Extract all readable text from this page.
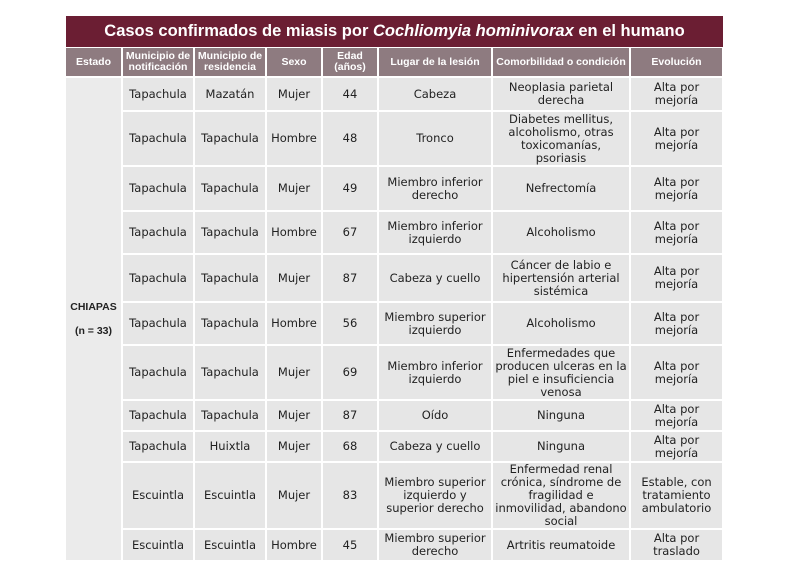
Casos confirmados de miasis por
Cochliomyia hominivorax
en el humano
Estado	Municipio de notificación	Municipio de residencia	Sexo	Edad (años)	Lugar de la lesión	Comorbilidad o condición	Evolución

CHIAPAS
(n = 33)	Tapachula	Mazatán	Mujer	44	Cabeza	Neoplasia parietal derecha	Alta por mejoría
	Tapachula	Tapachula	Hombre	48	Tronco	Diabetes mellitus, alcoholismo, otras toxicomanías, psoriasis	Alta por mejoría
	Tapachula	Tapachula	Mujer	49	Miembro inferior derecho	Nefrectomía	Alta por mejoría
	Tapachula	Tapachula	Hombre	67	Miembro inferior izquierdo	Alcoholismo	Alta por mejoría
	Tapachula	Tapachula	Mujer	87	Cabeza y cuello	Cáncer de labio e hipertensión arterial sistémica	Alta por mejoría
	Tapachula	Tapachula	Hombre	56	Miembro superior izquierdo	Alcoholismo	Alta por mejoría
	Tapachula	Tapachula	Mujer	69	Miembro inferior izquierdo	Enfermedades que producen ulceras en la piel e insuficiencia venosa	Alta por mejoría
	Tapachula	Tapachula	Mujer	87	Oído	Ninguna	Alta por mejoría
	Tapachula	Huixtla	Mujer	68	Cabeza y cuello	Ninguna	Alta por mejoría
	Escuintla	Escuintla	Mujer	83	Miembro superior izquierdo y superior derecho	Enfermedad renal crónica, síndrome de fragilidad e inmovilidad, abandono social	Estable, con tratamiento ambulatorio
	Escuintla	Escuintla	Hombre	45	Miembro superior derecho	Artritis reumatoide	Alta por traslado
